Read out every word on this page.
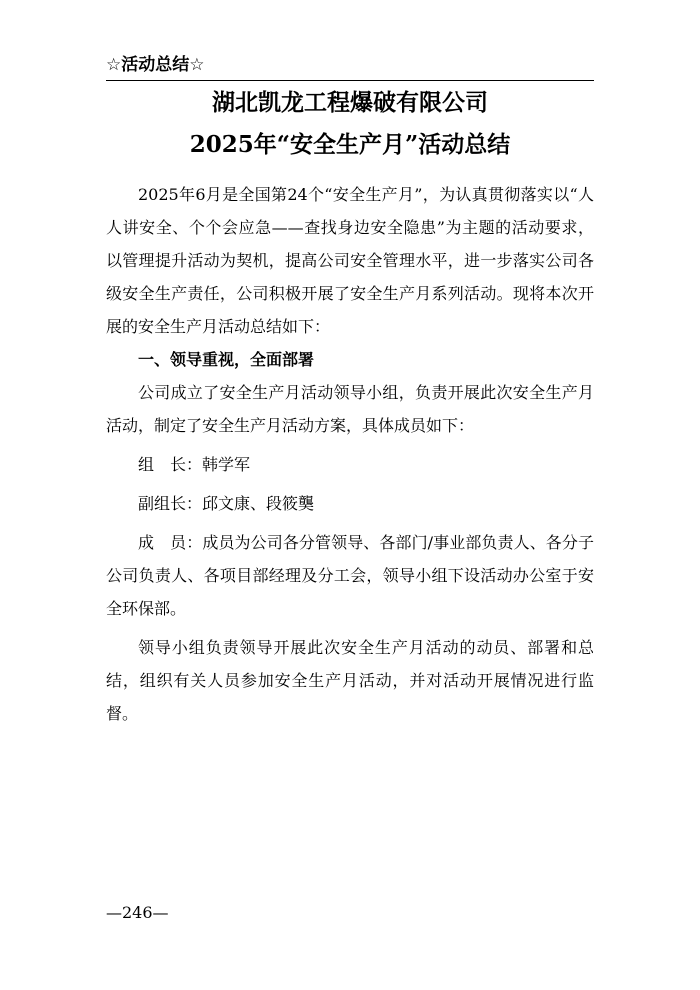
☆活动总结☆
湖北凯龙工程爆破有限公司
2025年“安全生产月”活动总结

2025年6月是全国第24个“安全生产月”，为认真贯彻落实以“人人讲安全、个个会应急——查找身边安全隐患”为主题的活动要求，以管理提升活动为契机，提高公司安全管理水平，进一步落实公司各级安全生产责任，公司积极开展了安全生产月系列活动。现将本次开展的安全生产月活动总结如下：

一、领导重视，全面部署

公司成立了安全生产月活动领导小组，负责开展此次安全生产月活动，制定了安全生产月活动方案，具体成员如下：

组　长：韩学军

副组长：邱文康、段筱龑

成　员：成员为公司各分管领导、各部门/事业部负责人、各分子公司负责人、各项目部经理及分工会，领导小组下设活动办公室于安全环保部。

领导小组负责领导开展此次安全生产月活动的动员、部署和总结，组织有关人员参加安全生产月活动，并对活动开展情况进行监督。

—246—
